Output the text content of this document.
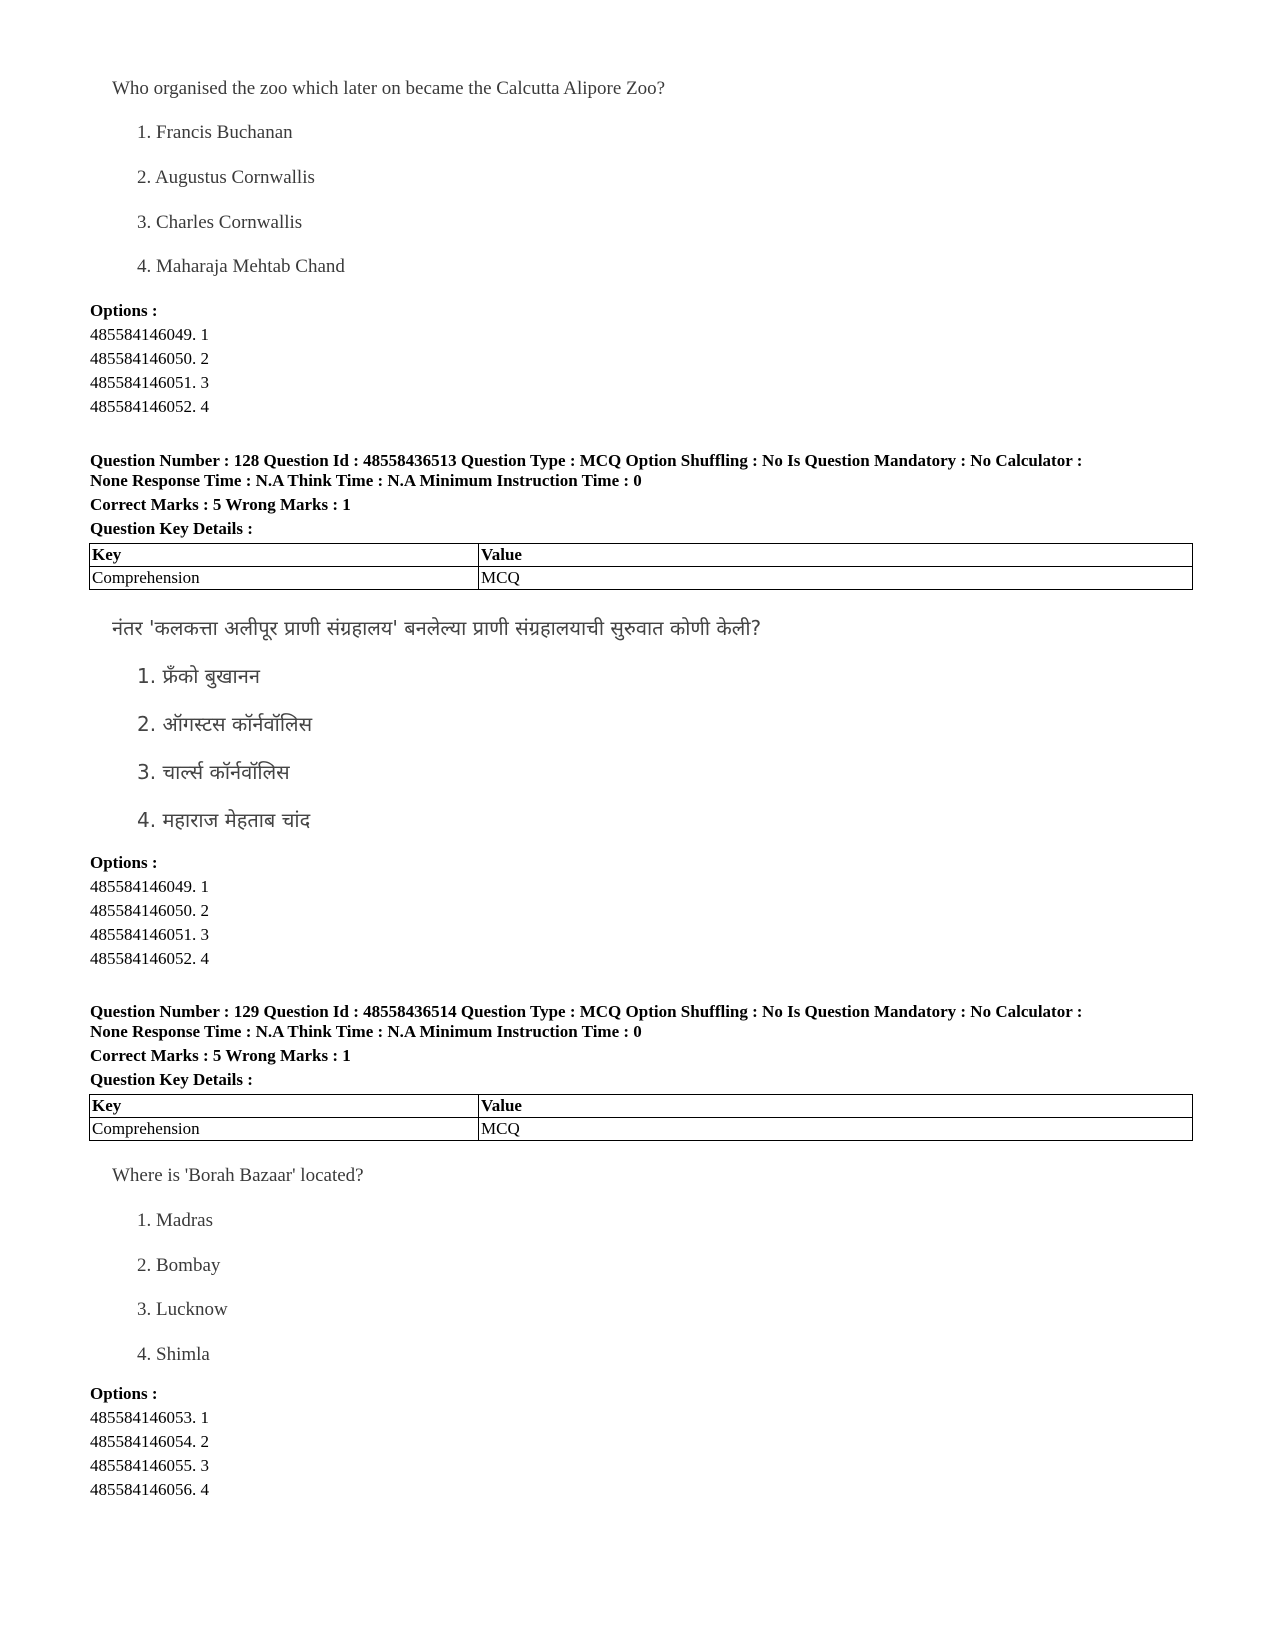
Who organised the zoo which later on became the Calcutta Alipore Zoo?
1. Francis Buchanan
2. Augustus Cornwallis
3. Charles Cornwallis
4. Maharaja Mehtab Chand
Options :
485584146049. 1
485584146050. 2
485584146051. 3
485584146052. 4
Question Number : 128 Question Id : 48558436513 Question Type : MCQ Option Shuffling : No Is Question Mandatory : No Calculator :
None Response Time : N.A Think Time : N.A Minimum Instruction Time : 0
Correct Marks : 5 Wrong Marks : 1
Question Key Details :
Key	Value
Comprehension	MCQ
नंतर 'कलकत्ता अलीपूर प्राणी संग्रहालय' बनलेल्या प्राणी संग्रहालयाची सुरुवात कोणी केली?
1. फ्रँको बुखानन
2. ऑगस्टस कॉर्नवॉलिस
3. चार्ल्स कॉर्नवॉलिस
4. महाराज मेहताब चांद
Options :
485584146049. 1
485584146050. 2
485584146051. 3
485584146052. 4
Question Number : 129 Question Id : 48558436514 Question Type : MCQ Option Shuffling : No Is Question Mandatory : No Calculator :
None Response Time : N.A Think Time : N.A Minimum Instruction Time : 0
Correct Marks : 5 Wrong Marks : 1
Question Key Details :
Key	Value
Comprehension	MCQ
Where is 'Borah Bazaar' located?
1. Madras
2. Bombay
3. Lucknow
4. Shimla
Options :
485584146053. 1
485584146054. 2
485584146055. 3
485584146056. 4
